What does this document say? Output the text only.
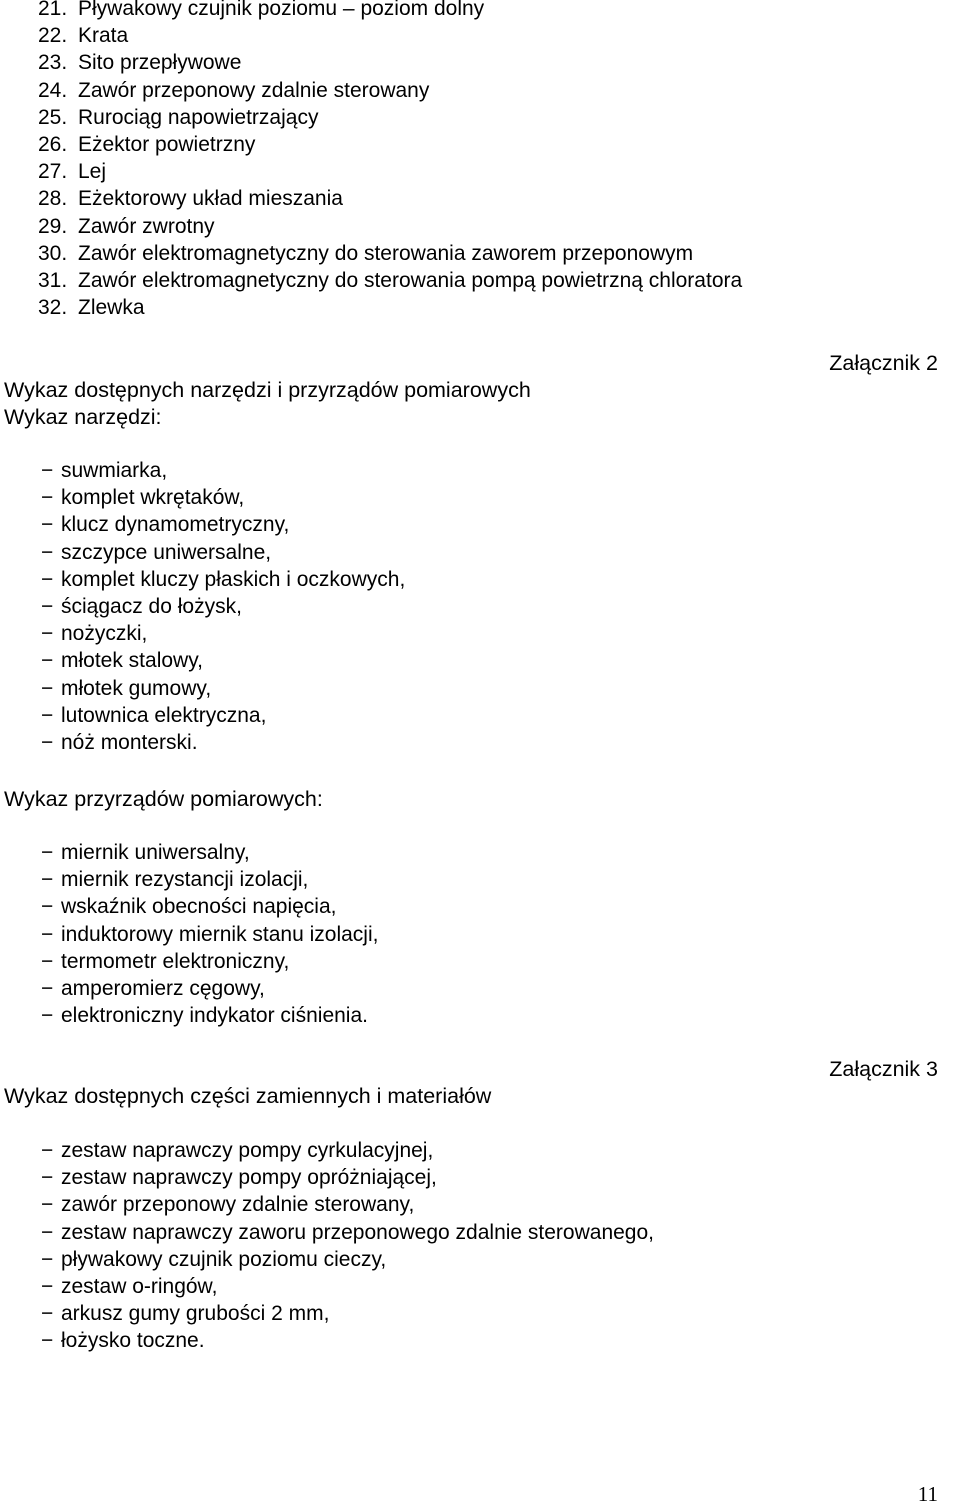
21. Pływakowy czujnik poziomu – poziom dolny
22. Krata
23. Sito przepływowe
24. Zawór przeponowy zdalnie sterowany
25. Rurociąg napowietrzający
26. Eżektor powietrzny
27. Lej
28. Eżektorowy układ mieszania
29. Zawór zwrotny
30. Zawór elektromagnetyczny do sterowania zaworem przeponowym
31. Zawór elektromagnetyczny do sterowania pompą powietrzną chloratora
32. Zlewka

Załącznik 2

Wykaz dostępnych narzędzi i przyrządów pomiarowych

Wykaz narzędzi:

− suwmiarka,
− komplet wkrętaków,
− klucz dynamometryczny,
− szczypce uniwersalne,
− komplet kluczy płaskich i oczkowych,
− ściągacz do łożysk,
− nożyczki,
− młotek stalowy,
− młotek gumowy,
− lutownica elektryczna,
− nóż monterski.

Wykaz przyrządów pomiarowych:

− miernik uniwersalny,
− miernik rezystancji izolacji,
− wskaźnik obecności napięcia,
− induktorowy miernik stanu izolacji,
− termometr elektroniczny,
− amperomierz cęgowy,
− elektroniczny indykator ciśnienia.

Załącznik 3

Wykaz dostępnych części zamiennych i materiałów

− zestaw naprawczy pompy cyrkulacyjnej,
− zestaw naprawczy pompy opróżniającej,
− zawór przeponowy zdalnie sterowany,
− zestaw naprawczy zaworu przeponowego zdalnie sterowanego,
− pływakowy czujnik poziomu cieczy,
− zestaw o-ringów,
− arkusz gumy grubości 2 mm,
− łożysko toczne.
11
